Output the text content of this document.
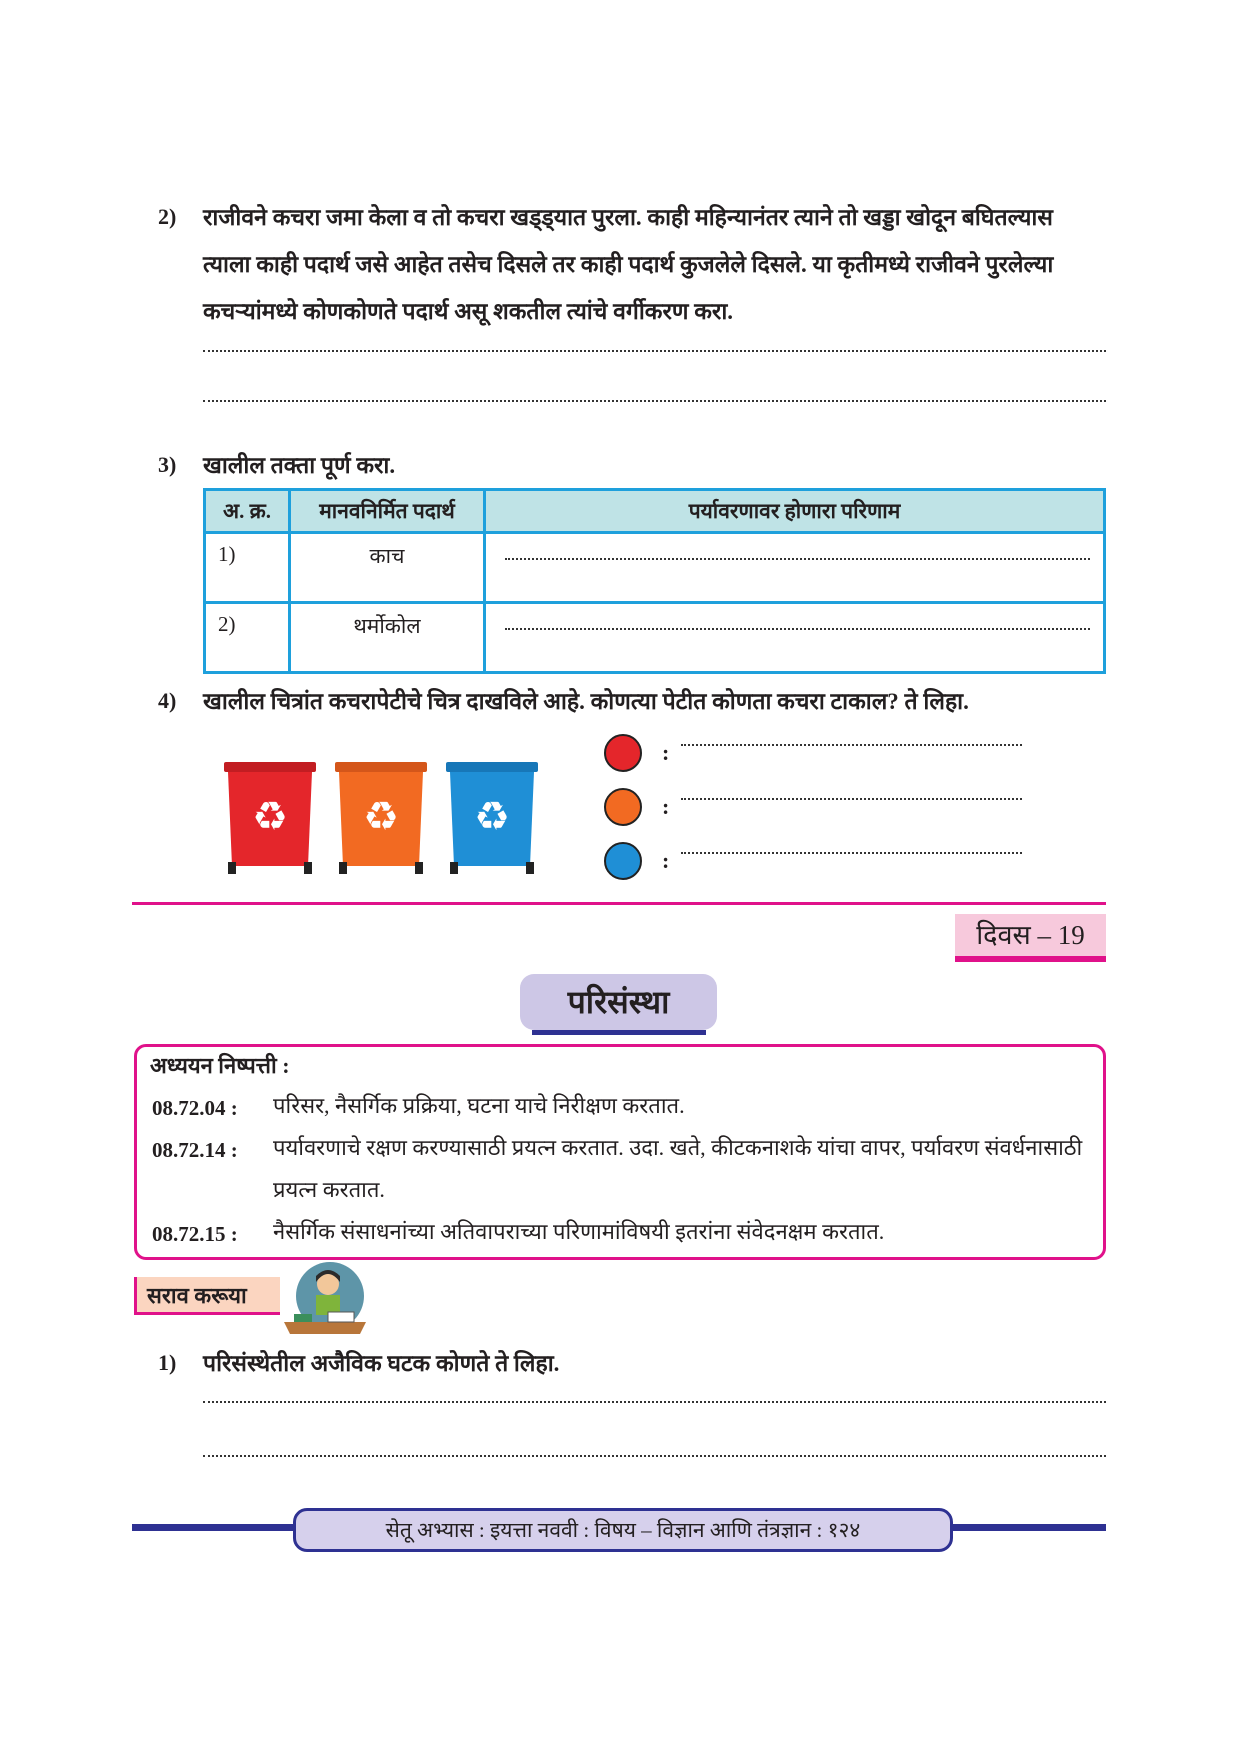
2) राजीवने कचरा जमा केला व तो कचरा खड्ड्यात पुरला. काही महिन्यानंतर त्याने तो खड्डा खोदून बघितल्यास त्याला काही पदार्थ जसे आहेत तसेच दिसले तर काही पदार्थ कुजलेले दिसले. या कृतीमध्ये राजीवने पुरलेल्या कचऱ्यांमध्ये कोणकोणते पदार्थ असू शकतील त्यांचे वर्गीकरण करा.
3) खालील तक्ता पूर्ण करा.
अ. क्र.	मानवनिर्मित पदार्थ	पर्यावरणावर होणारा परिणाम
1)	काच	

2)	थर्मोकोल	
4) खालील चित्रांत कचरापेटीचे चित्र दाखविले आहे. कोणत्या पेटीत कोणता कचरा टाकाल? ते लिहा.
♻ ♻ ♻
:
:
:
दिवस – 19
परिसंस्था
अध्ययन निष्पत्ती :
08.72.04 : परिसर, नैसर्गिक प्रक्रिया, घटना याचे निरीक्षण करतात.
08.72.14 : पर्यावरणाचे रक्षण करण्यासाठी प्रयत्न करतात. उदा. खते, कीटकनाशके यांचा वापर, पर्यावरण संवर्धनासाठी प्रयत्न करतात.
08.72.15 : नैसर्गिक संसाधनांच्या अतिवापराच्या परिणामांविषयी इतरांना संवेदनक्षम करतात.
सराव करूया
1) परिसंस्थेतील अजैविक घटक कोणते ते लिहा.
सेतू अभ्यास : इयत्ता नववी : विषय – विज्ञान आणि तंत्रज्ञान : १२४
